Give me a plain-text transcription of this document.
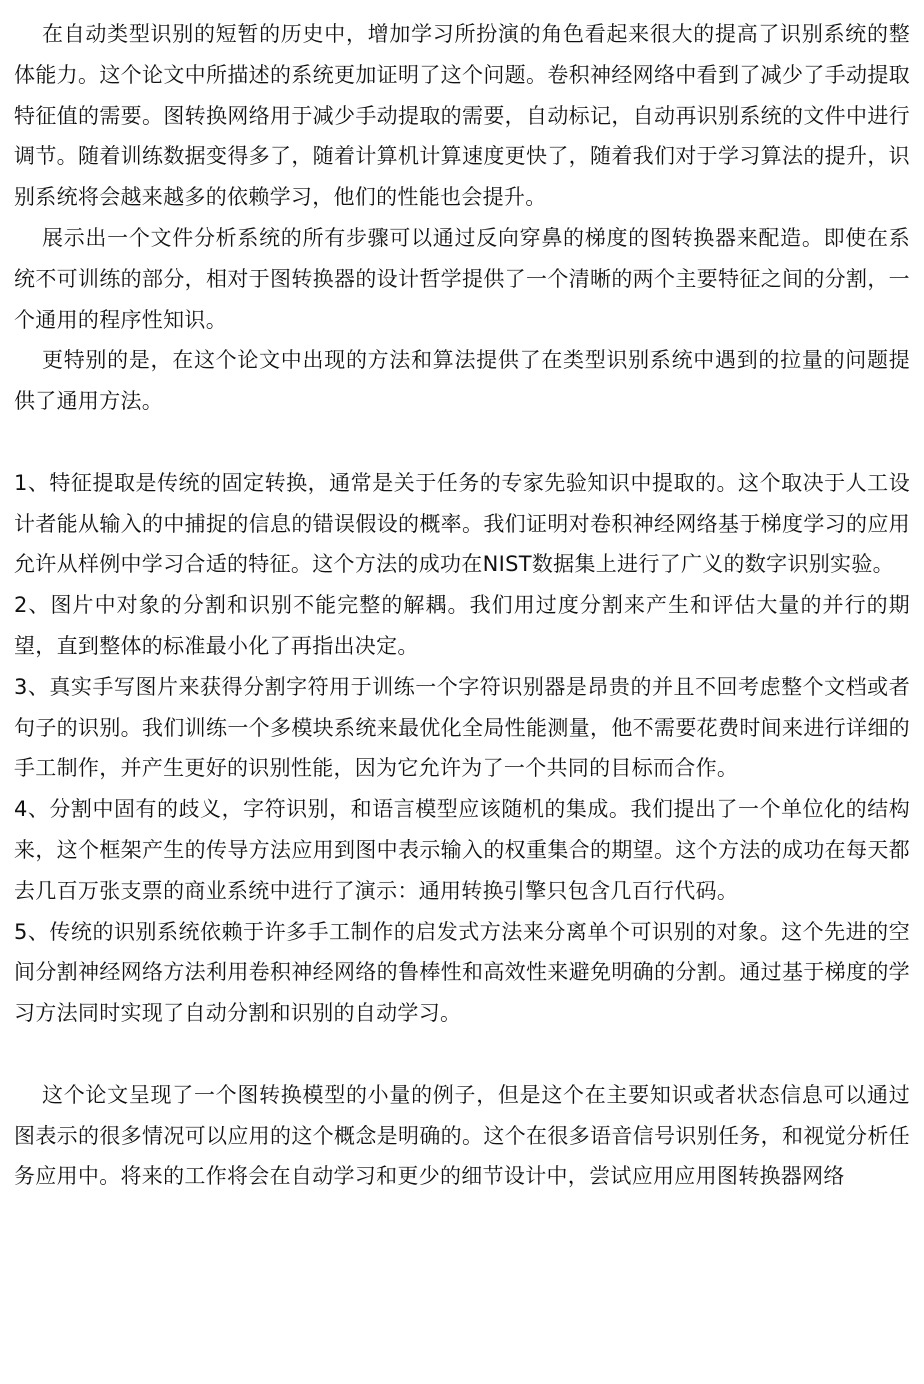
在自动类型识别的短暂的历史中，增加学习所扮演的角色看起来很大的提高了识别系统的整体能力。这个论文中所描述的系统更加证明了这个问题。卷积神经网络中看到了减少了手动提取特征值的需要。图转换网络用于减少手动提取的需要，自动标记，自动再识别系统的文件中进行调节。随着训练数据变得多了，随着计算机计算速度更快了，随着我们对于学习算法的提升，识别系统将会越来越多的依赖学习，他们的性能也会提升。

展示出一个文件分析系统的所有步骤可以通过反向穿鼻的梯度的图转换器来配造。即使在系统不可训练的部分，相对于图转换器的设计哲学提供了一个清晰的两个主要特征之间的分割，一个通用的程序性知识。

更特别的是，在这个论文中出现的方法和算法提供了在类型识别系统中遇到的拉量的问题提供了通用方法。

1、特征提取是传统的固定转换，通常是关于任务的专家先验知识中提取的。这个取决于人工设计者能从输入的中捕捉的信息的错误假设的概率。我们证明对卷积神经网络基于梯度学习的应用允许从样例中学习合适的特征。这个方法的成功在NIST数据集上进行了广义的数字识别实验。

2、图片中对象的分割和识别不能完整的解耦。我们用过度分割来产生和评估大量的并行的期望，直到整体的标准最小化了再指出决定。

3、真实手写图片来获得分割字符用于训练一个字符识别器是昂贵的并且不回考虑整个文档或者句子的识别。我们训练一个多模块系统来最优化全局性能测量，他不需要花费时间来进行详细的手工制作，并产生更好的识别性能，因为它允许为了一个共同的目标而合作。

4、分割中固有的歧义，字符识别，和语言模型应该随机的集成。我们提出了一个单位化的结构来，这个框架产生的传导方法应用到图中表示输入的权重集合的期望。这个方法的成功在每天都去几百万张支票的商业系统中进行了演示：通用转换引擎只包含几百行代码。

5、传统的识别系统依赖于许多手工制作的启发式方法来分离单个可识别的对象。这个先进的空间分割神经网络方法利用卷积神经网络的鲁棒性和高效性来避免明确的分割。通过基于梯度的学习方法同时实现了自动分割和识别的自动学习。

这个论文呈现了一个图转换模型的小量的例子，但是这个在主要知识或者状态信息可以通过图表示的很多情况可以应用的这个概念是明确的。这个在很多语音信号识别任务，和视觉分析任务应用中。将来的工作将会在自动学习和更少的细节设计中，尝试应用应用图转换器网络
